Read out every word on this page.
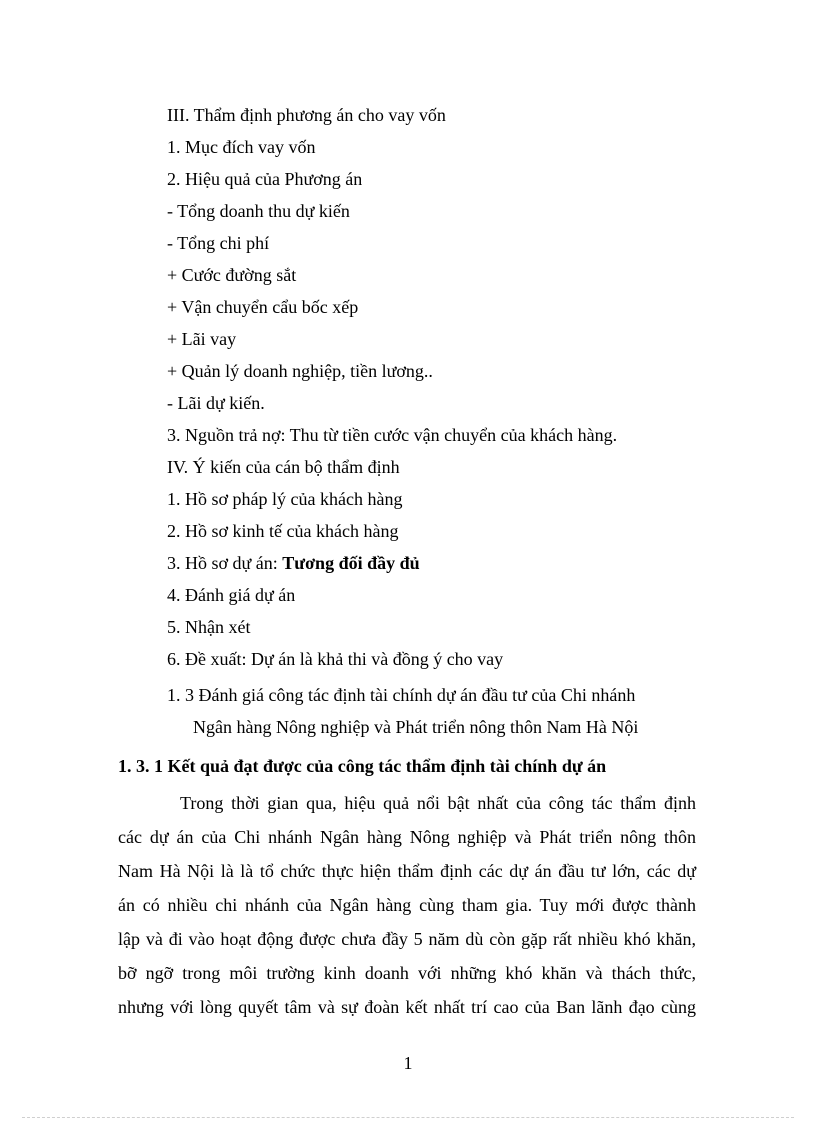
III. Thẩm định phương án cho vay vốn
1. Mục đích vay vốn
2. Hiệu quả của Phương án
- Tổng doanh thu dự kiến
- Tổng chi phí
+ Cước đường sắt
+ Vận chuyển cẩu bốc xếp
+ Lãi vay
+ Quản lý doanh nghiệp, tiền lương..
- Lãi dự kiến.
3. Nguồn trả nợ: Thu từ tiền cước vận chuyển của khách hàng.
IV. Ý kiến của cán bộ thẩm định
1. Hồ sơ pháp lý của khách hàng
2. Hồ sơ kinh tế của khách hàng
3. Hồ sơ dự án: Tương đối đầy đủ
4. Đánh giá dự án
5. Nhận xét
6. Đề xuất: Dự án là khả thi và đồng ý cho vay
1. 3 Đánh giá công tác định tài chính dự án đầu tư của Chi nhánh
Ngân hàng Nông nghiệp và Phát triển nông thôn Nam Hà Nội
1. 3. 1 Kết quả đạt được của công tác thẩm định tài chính dự án
Trong thời gian qua, hiệu quả nổi bật nhất của công tác thẩm định
các dự án của Chi nhánh Ngân hàng Nông nghiệp và Phát triển nông thôn
Nam Hà Nội là là tổ chức thực hiện thẩm định các dự án đầu tư lớn, các dự
án có nhiều chi nhánh của Ngân hàng cùng tham gia. Tuy mới được thành
lập và đi vào hoạt động được chưa đầy 5 năm dù còn gặp rất nhiều khó khăn,
bỡ ngỡ trong môi trường kinh doanh với những khó khăn và thách thức,
nhưng với lòng quyết tâm và sự đoàn kết nhất trí cao của Ban lãnh đạo cùng
1
